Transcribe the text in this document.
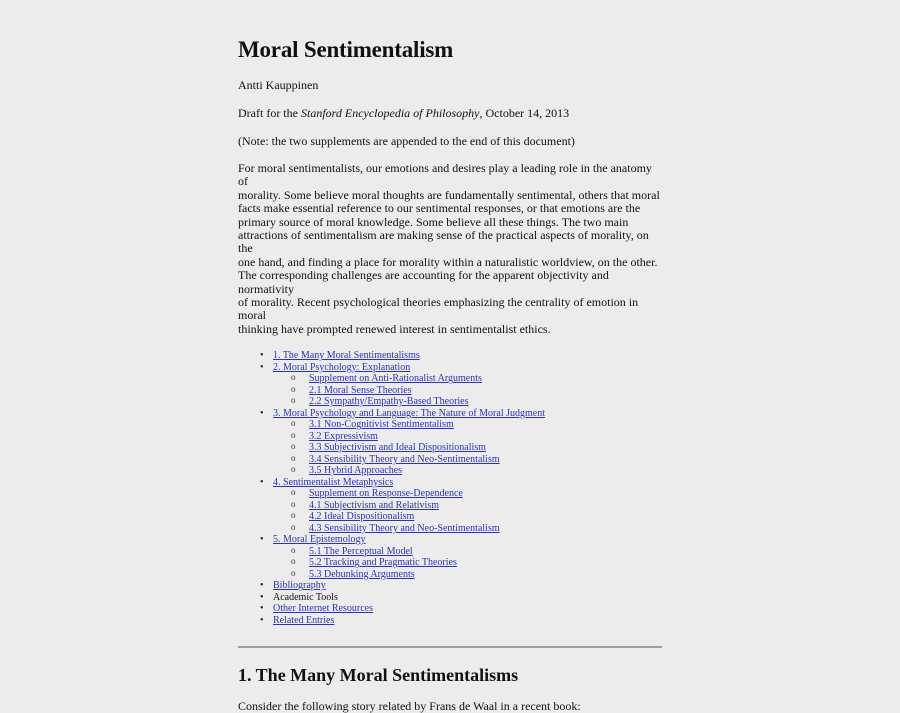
Moral Sentimentalism
Antti Kauppinen
Draft for the Stanford Encyclopedia of Philosophy, October 14, 2013
(Note: the two supplements are appended to the end of this document)
For moral sentimentalists, our emotions and desires play a leading role in the anatomy of
morality. Some believe moral thoughts are fundamentally sentimental, others that moral
facts make essential reference to our sentimental responses, or that emotions are the
primary source of moral knowledge. Some believe all these things. The two main
attractions of sentimentalism are making sense of the practical aspects of morality, on the
one hand, and finding a place for morality within a naturalistic worldview, on the other.
The corresponding challenges are accounting for the apparent objectivity and normativity
of morality. Recent psychological theories emphasizing the centrality of emotion in moral
thinking have prompted renewed interest in sentimentalist ethics.
• 1. The Many Moral Sentimentalisms
• 2. Moral Psychology: Explanation
o Supplement on Anti-Rationalist Arguments
o 2.1 Moral Sense Theories
o 2.2 Sympathy/Empathy-Based Theories
• 3. Moral Psychology and Language: The Nature of Moral Judgment
o 3.1 Non-Cognitivist Sentimentalism
o 3.2 Expressivism
o 3.3 Subjectivism and Ideal Dispositionalism
o 3.4 Sensibility Theory and Neo-Sentimentalism
o 3.5 Hybrid Approaches
• 4. Sentimentalist Metaphysics
o Supplement on Response-Dependence
o 4.1 Subjectivism and Relativism
o 4.2 Ideal Dispositionalism
o 4.3 Sensibility Theory and Neo-Sentimentalism
• 5. Moral Epistemology
o 5.1 The Perceptual Model
o 5.2 Tracking and Pragmatic Theories
o 5.3 Debunking Arguments
• Bibliography
• Academic Tools
• Other Internet Resources
• Related Entries
1. The Many Moral Sentimentalisms
Consider the following story related by Frans de Waal in a recent book:
